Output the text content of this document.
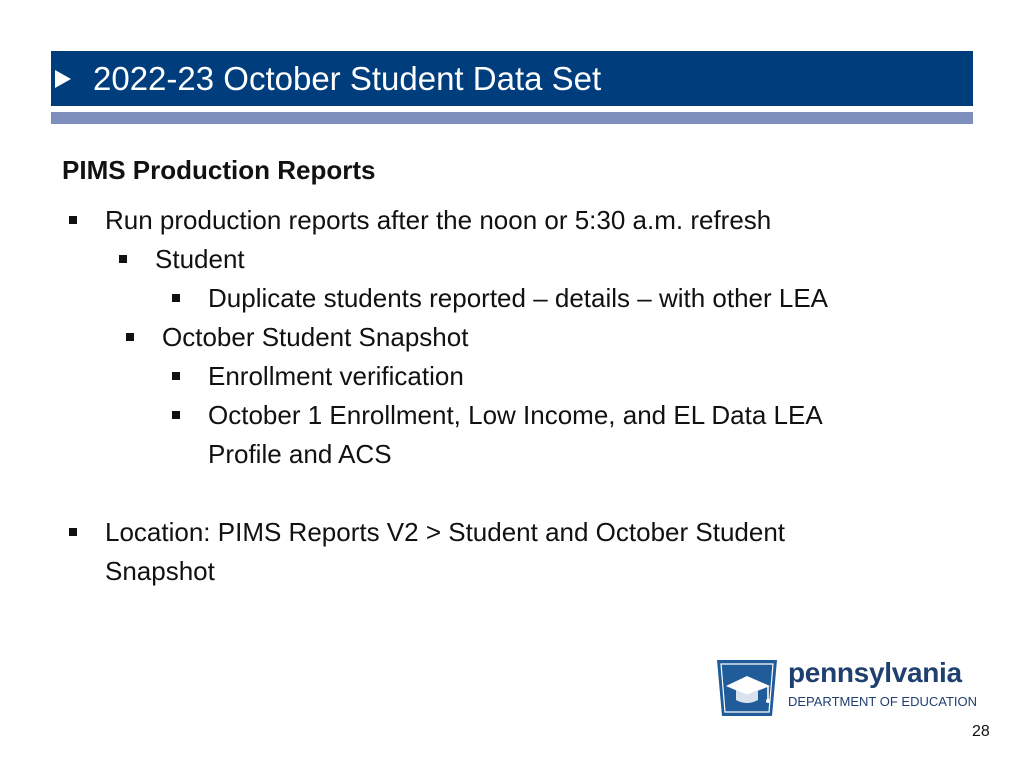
2022-23 October Student Data Set
PIMS Production Reports
Run production reports after the noon or 5:30 a.m. refresh
Student
Duplicate students reported – details – with other LEA
October Student Snapshot
Enrollment verification
October 1 Enrollment, Low Income, and EL Data LEA
Profile and ACS
Location: PIMS Reports V2 > Student and October Student
Snapshot
pennsylvania
DEPARTMENT OF EDUCATION
28
